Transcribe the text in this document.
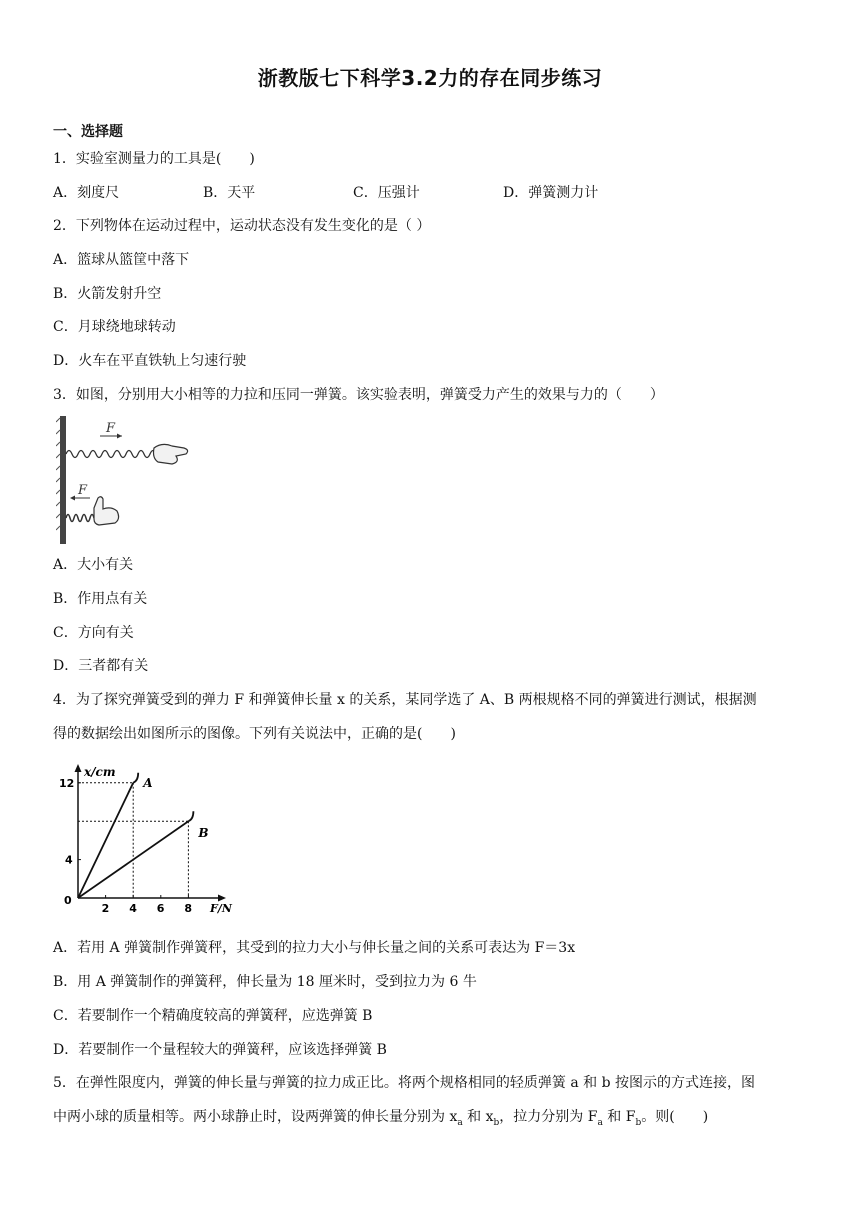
浙教版七下科学3.2力的存在同步练习
一、选择题
1．实验室测量力的工具是(　　)
A．刻度尺	B．天平	C．压强计	D．弹簧测力计
2．下列物体在运动过程中，运动状态没有发生变化的是（ ）
A．篮球从篮筐中落下
B．火箭发射升空
C．月球绕地球转动
D．火车在平直铁轨上匀速行驶
3．如图，分别用大小相等的力拉和压同一弹簧。该实验表明，弹簧受力产生的效果与力的（　　）
F
F
A．大小有关
B．作用点有关
C．方向有关
D．三者都有关
4．为了探究弹簧受到的弹力 F 和弹簧伸长量 x 的关系，某同学选了 A、B 两根规格不同的弹簧进行测试，根据测
得的数据绘出如图所示的图像。下列有关说法中，正确的是(　　)
x/cm
F/N
0
2 4 6 8
4
12	A
B
A．若用 A 弹簧制作弹簧秤，其受到的拉力大小与伸长量之间的关系可表达为 F＝3x
B．用 A 弹簧制作的弹簧秤，伸长量为 18 厘米时，受到拉力为 6 牛
C．若要制作一个精确度较高的弹簧秤，应选弹簧 B
D．若要制作一个量程较大的弹簧秤，应该选择弹簧 B
5．在弹性限度内，弹簧的伸长量与弹簧的拉力成正比。将两个规格相同的轻质弹簧 a 和 b 按图示的方式连接，图
中两小球的质量相等。两小球静止时，设两弹簧的伸长量分别为 $x_a$ 和 $x_b$，拉力分别为 $F_a$ 和 $F_b$。则(　　)
